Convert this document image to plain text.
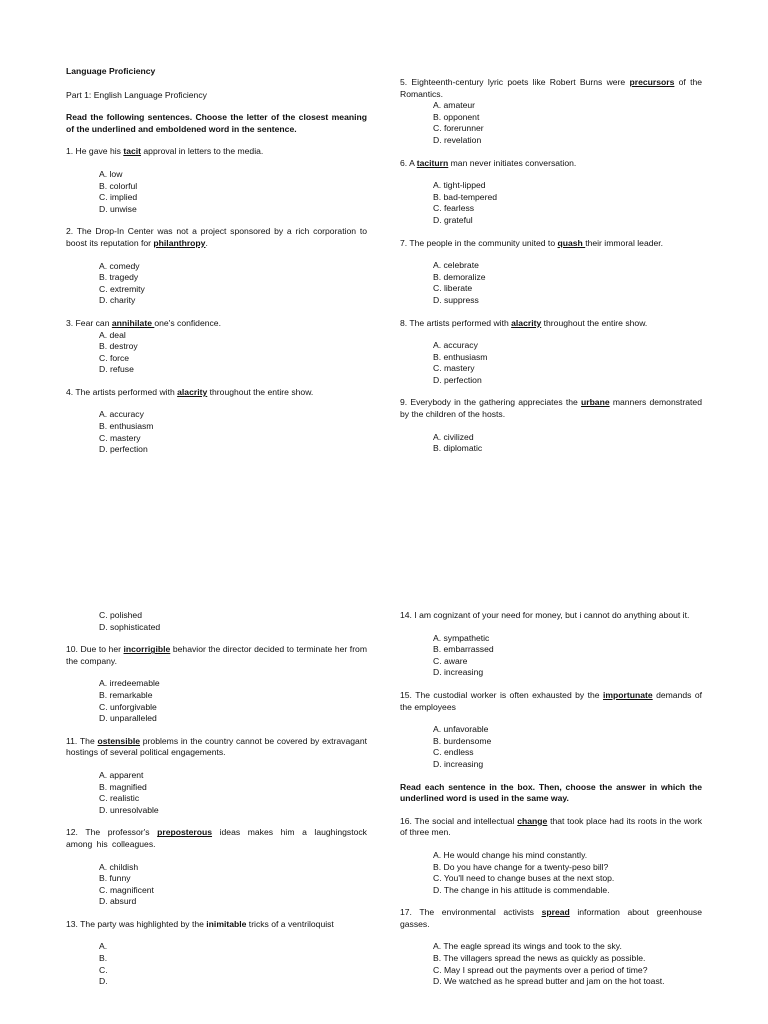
Language Proficiency
Part 1: English Language Proficiency
Read the following sentences. Choose the letter of the closest meaning of the underlined and emboldened word in the sentence.
1. He gave his tacit approval in letters to the media.
A. low
B. colorful
C. implied
D. unwise
2. The Drop-In Center was not a project sponsored by a rich corporation to boost its reputation for philanthropy.
A. comedy
B. tragedy
C. extremity
D. charity
3. Fear can annihilate one's confidence.
A. deal
B. destroy
C. force
D. refuse
4. The artists performed with alacrity throughout the entire show.
A. accuracy
B. enthusiasm
C. mastery
D. perfection
5. Eighteenth-century lyric poets like Robert Burns were precursors of the Romantics.
A. amateur
B. opponent
C. forerunner
D. revelation
6. A taciturn man never initiates conversation.
A. tight-lipped
B. bad-tempered
C. fearless
D. grateful
7. The people in the community united to quash their immoral leader.
A. celebrate
B. demoralize
C. liberate
D. suppress
8. The artists performed with alacrity throughout the entire show.
A. accuracy
B. enthusiasm
C. mastery
D. perfection
9. Everybody in the gathering appreciates the urbane manners demonstrated by the children of the hosts.
A. civilized
B. diplomatic
C. polished
D. sophisticated
10. Due to her incorrigible behavior the director decided to terminate her from the company.
A. irredeemable
B. remarkable
C. unforgivable
D. unparalleled
11. The ostensible problems in the country cannot be covered by extravagant hostings of several political engagements.
A. apparent
B. magnified
C. realistic
D. unresolvable
12. The professor's preposterous ideas makes him a laughingstock among his colleagues.
A. childish
B. funny
C. magnificent
D. absurd
13. The party was highlighted by the inimitable tricks of a ventriloquist
A.
B.
C.
D.
14. I am cognizant of your need for money, but i cannot do anything about it.
A. sympathetic
B. embarrassed
C. aware
D. increasing
15. The custodial worker is often exhausted by the importunate demands of the employees
A. unfavorable
B. burdensome
C. endless
D. increasing
Read each sentence in the box. Then, choose the answer in which the underlined word is used in the same way.
16. The social and intellectual change that took place had its roots in the work of three men.
A. He would change his mind constantly.
B. Do you have change for a twenty-peso bill?
C. You'll need to change buses at the next stop.
D. The change in his attitude is commendable.
17. The environmental activists spread information about greenhouse gasses.
A. The eagle spread its wings and took to the sky.
B. The villagers spread the news as quickly as possible.
C. May I spread out the payments over a period of time?
D. We watched as he spread butter and jam on the hot toast.
